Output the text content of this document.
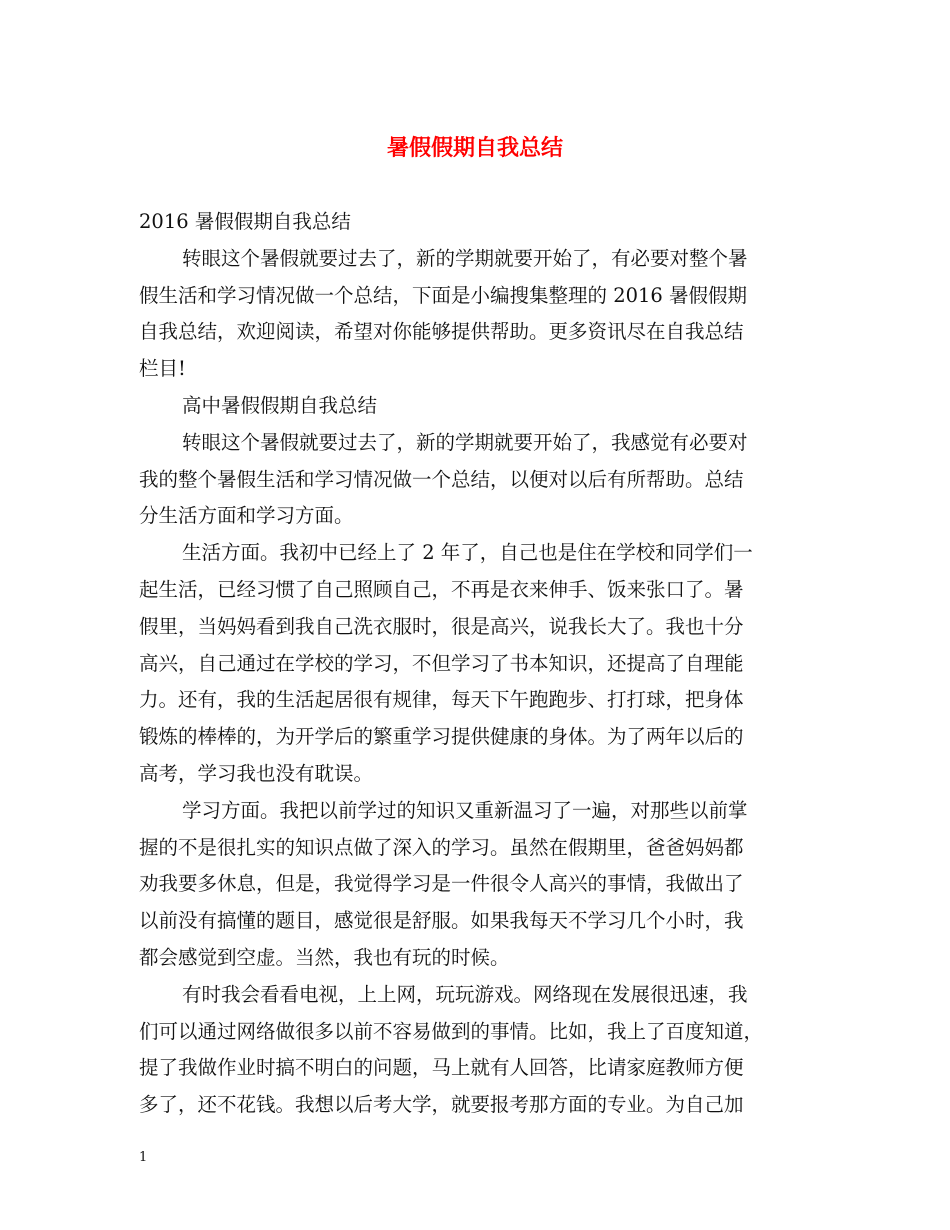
暑假假期自我总结
2016 暑假假期自我总结
转眼这个暑假就要过去了，新的学期就要开始了，有必要对整个暑
假生活和学习情况做一个总结，下面是小编搜集整理的 2016 暑假假期
自我总结，欢迎阅读，希望对你能够提供帮助。更多资讯尽在自我总结
栏目!
高中暑假假期自我总结
转眼这个暑假就要过去了，新的学期就要开始了，我感觉有必要对
我的整个暑假生活和学习情况做一个总结，以便对以后有所帮助。总结
分生活方面和学习方面。
生活方面。我初中已经上了 2 年了，自己也是住在学校和同学们一
起生活，已经习惯了自己照顾自己，不再是衣来伸手、饭来张口了。暑
假里，当妈妈看到我自己洗衣服时，很是高兴，说我长大了。我也十分
高兴，自己通过在学校的学习，不但学习了书本知识，还提高了自理能
力。还有，我的生活起居很有规律，每天下午跑跑步、打打球，把身体
锻炼的棒棒的，为开学后的繁重学习提供健康的身体。为了两年以后的
高考，学习我也没有耽误。
学习方面。我把以前学过的知识又重新温习了一遍，对那些以前掌
握的不是很扎实的知识点做了深入的学习。虽然在假期里，爸爸妈妈都
劝我要多休息，但是，我觉得学习是一件很令人高兴的事情，我做出了
以前没有搞懂的题目，感觉很是舒服。如果我每天不学习几个小时，我
都会感觉到空虚。当然，我也有玩的时候。
有时我会看看电视，上上网，玩玩游戏。网络现在发展很迅速，我
们可以通过网络做很多以前不容易做到的事情。比如，我上了百度知道，
提了我做作业时搞不明白的问题，马上就有人回答，比请家庭教师方便
多了，还不花钱。我想以后考大学，就要报考那方面的专业。为自己加
1
